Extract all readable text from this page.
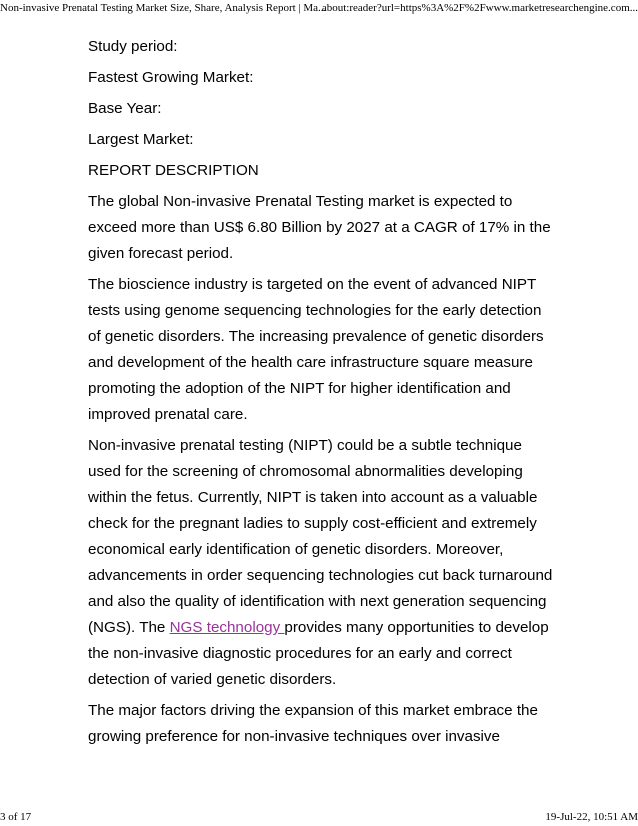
Non-invasive Prenatal Testing Market Size, Share, Analysis Report | Ma...
about:reader?url=https%3A%2F%2Fwww.marketresearchengine.com...

Study period:

Fastest Growing Market:

Base Year:

Largest Market:

REPORT DESCRIPTION

The global Non-invasive Prenatal Testing market is expected to exceed more than US$ 6.80 Billion by 2027 at a CAGR of 17% in the given forecast period.

The bioscience industry is targeted on the event of advanced NIPT tests using genome sequencing technologies for the early detection of genetic disorders. The increasing prevalence of genetic disorders and development of the health care infrastructure square measure promoting the adoption of the NIPT for higher identification and improved prenatal care.

Non-invasive prenatal testing (NIPT) could be a subtle technique used for the screening of chromosomal abnormalities developing within the fetus. Currently, NIPT is taken into account as a valuable check for the pregnant ladies to supply cost-efficient and extremely economical early identification of genetic disorders. Moreover, advancements in order sequencing technologies cut back turnaround and also the quality of identification with next generation sequencing (NGS). The NGS technology provides many opportunities to develop the non-invasive diagnostic procedures for an early and correct detection of varied genetic disorders.

The major factors driving the expansion of this market embrace the growing preference for non-invasive techniques over invasive

3 of 17	19-Jul-22, 10:51 AM
